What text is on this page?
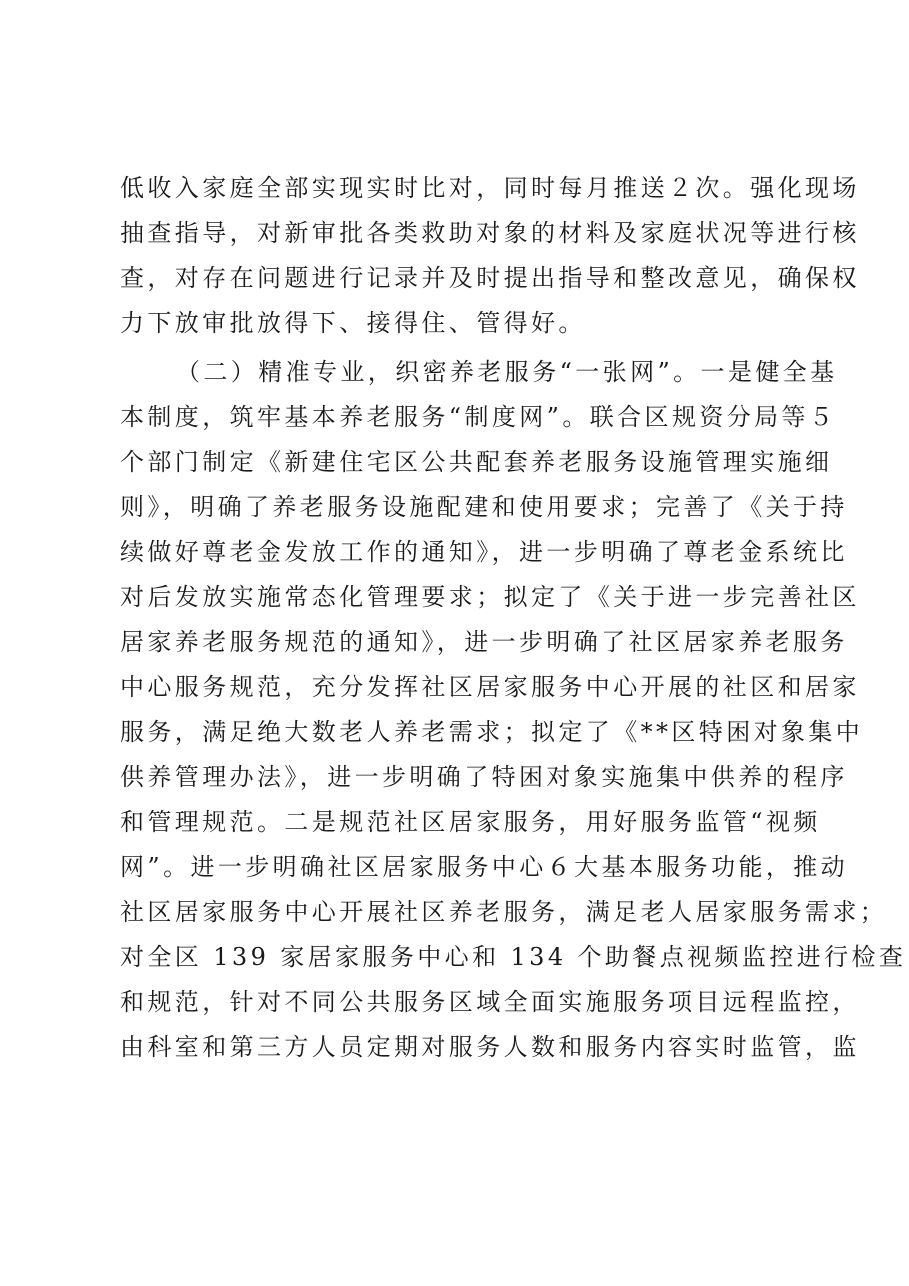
低收入家庭全部实现实时比对，同时每月推送２次。强化现场
抽查指导，对新审批各类救助对象的材料及家庭状况等进行核
查，对存在问题进行记录并及时提出指导和整改意见，确保权
力下放审批放得下、接得住、管得好。
（二）精准专业，织密养老服务“一张网”。一是健全基
本制度，筑牢基本养老服务“制度网”。联合区规资分局等５
个部门制定《新建住宅区公共配套养老服务设施管理实施细
则》，明确了养老服务设施配建和使用要求；完善了《关于持
续做好尊老金发放工作的通知》，进一步明确了尊老金系统比
对后发放实施常态化管理要求；拟定了《关于进一步完善社区
居家养老服务规范的通知》，进一步明确了社区居家养老服务
中心服务规范，充分发挥社区居家服务中心开展的社区和居家
服务，满足绝大数老人养老需求；拟定了《**区特困对象集中
供养管理办法》，进一步明确了特困对象实施集中供养的程序
和管理规范。二是规范社区居家服务，用好服务监管“视频
网”。进一步明确社区居家服务中心６大基本服务功能，推动
社区居家服务中心开展社区养老服务，满足老人居家服务需求；
对全区 139 家居家服务中心和 134 个助餐点视频监控进行检查
和规范，针对不同公共服务区域全面实施服务项目远程监控，
由科室和第三方人员定期对服务人数和服务内容实时监管，监
